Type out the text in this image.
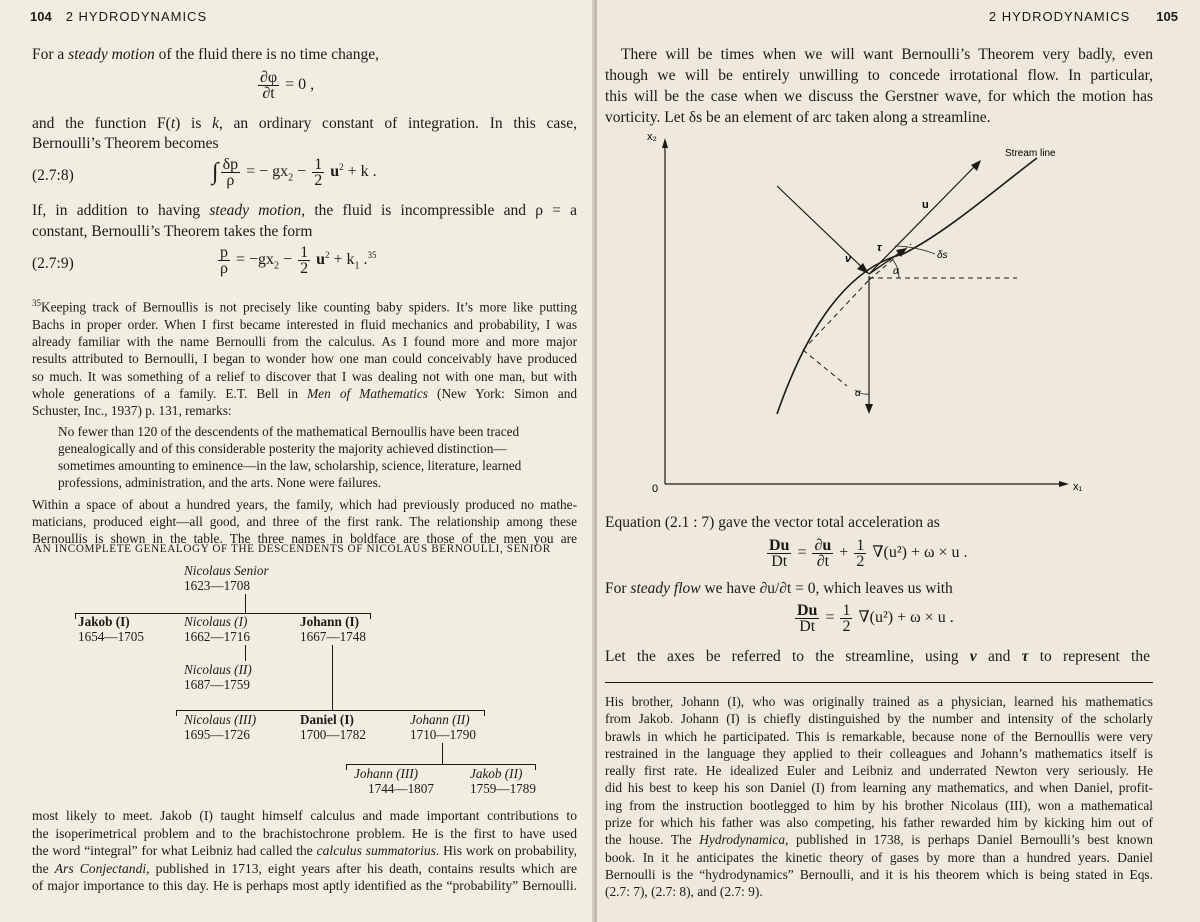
104 2 HYDRODYNAMICS
For a steady motion of the fluid there is no time change,
$\frac{\partial\varphi}{\partial t} = 0$ ,
and the function F(t) is k, an ordinary constant of integration. In this case,
Bernoulli’s Theorem becomes
(2.7:8)	∫ $\frac{\delta p}{\rho}$ = − $gx_2 - \frac{1}{2} u^2 + k$ .
If, in addition to having steady motion, the fluid is incompressible and ρ = a
constant, Bernoulli’s Theorem takes the form
(2.7:9)	$\frac{p}{\rho} = -gx_2 - \frac{1}{2} u^2 + k_1$ .$^{35}$
$^{35}$Keeping track of Bernoullis is not precisely like counting baby spiders. It’s more like putting
Bachs in proper order. When I first became interested in fluid mechanics and probability, I was
already familiar with the name Bernoulli from the calculus. As I found more and more major
results attributed to Bernoulli, I began to wonder how one man could conceivably have produced
so much. It was something of a relief to discover that I was dealing not with one man, but with
whole generations of a family. E.T. Bell in Men of Mathematics (New York: Simon and
Schuster, Inc., 1937) p. 131, remarks:
No fewer than 120 of the descendents of the mathematical Bernoullis have been traced
genealogically and of this considerable posterity the majority achieved distinction—
sometimes amounting to eminence—in the law, scholarship, science, literature, learned
professions, administration, and the arts. None were failures.
Within a space of about a hundred years, the family, which had previously produced no mathe-
maticians, produced eight—all good, and three of the first rank. The relationship among these
Bernoullis is shown in the table. The three names in boldface are those of the men you are
AN INCOMPLETE GENEALOGY OF THE DESCENDENTS OF NICOLAUS BERNOULLI, SENIOR
Nicolaus Senior
1623—1708
Jakob (I)
1654—1705
Nicolaus (I)
1662—1716
Johann (I)
1667—1748
Nicolaus (II)
1687—1759
Nicolaus (III)
1695—1726
Daniel (I)
1700—1782
Johann (II)
1710—1790
Johann (III)
1744—1807
Jakob (II)
1759—1789
most likely to meet. Jakob (I) taught himself calculus and made important contributions to
the isoperimetrical problem and to the brachistochrone problem. He is the first to have used
the word “integral” for what Leibniz had called the calculus summatorius. His work on probability,
the Ars Conjectandi, published in 1713, eight years after his death, contains results which are
of major importance to this day. He is perhaps most aptly identified as the “probability” Bernoulli.
2 HYDRODYNAMICS 105
There will be times when we will want Bernoulli’s Theorem very badly, even
though we will be entirely unwilling to concede irrotational flow. In particular,
this will be the case when we discuss the Gerstner wave, for which the motion has
vorticity. Let δs be an element of arc taken along a streamline.
x₂
x₁
0
Stream line
ν
τ
u
α
α
δs
Equation (2.1 : 7) gave the vector total acceleration as
$\frac{Du}{Dt} = \frac{\partial u}{\partial t} + \frac{1}{2} \nabla(u^2) + \omega \times u$ .
For steady flow we have ∂u/∂t = 0, which leaves us with
$\frac{Du}{Dt} = \frac{1}{2} \nabla(u^2) + \omega \times u$ .
Let the axes be referred to the streamline, using ν and τ to represent the
His brother, Johann (I), who was originally trained as a physician, learned his mathematics
from Jakob. Johann (I) is chiefly distinguished by the number and intensity of the scholarly
brawls in which he participated. This is remarkable, because none of the Bernoullis were very
restrained in the language they applied to their colleagues and Johann’s mathematics itself is
really first rate. He idealized Euler and Leibniz and underrated Newton very seriously. He
did his best to keep his son Daniel (I) from learning any mathematics, and when Daniel, profit-
ing from the instruction bootlegged to him by his brother Nicolaus (III), won a mathematical
prize for which his father was also competing, his father rewarded him by kicking him out of
the house. The Hydrodynamica, published in 1738, is perhaps Daniel Bernoulli’s best known
book. In it he anticipates the kinetic theory of gases by more than a hundred years. Daniel
Bernoulli is the “hydrodynamics” Bernoulli, and it is his theorem which is being stated in Eqs.
(2.7: 7), (2.7: 8), and (2.7: 9).
